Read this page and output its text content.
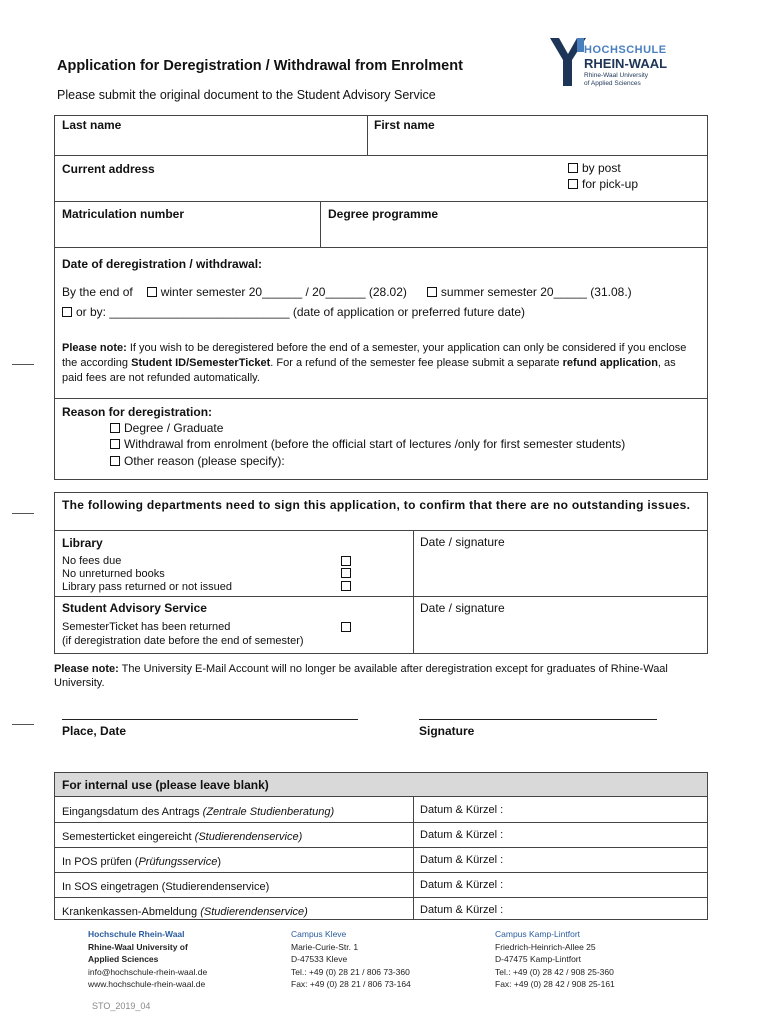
Application for Deregistration / Withdrawal from Enrolment
Please submit the original document to the Student Advisory Service
HOCHSCHULE
RHEIN-WAAL
Rhine-Waal University
of Applied Sciences
Last name	First name
Current address	by post
for pick-up
Matriculation number	Degree programme
Date of deregistration / withdrawal:
By the end of winter semester 20______ / 20______ (28.02)	summer semester 20_____ (31.08.)
or by: ___________________________ (date of application or preferred future date)
Please note: If you wish to be deregistered before the end of a semester, your application can only be considered if you enclose the according Student ID/SemesterTicket. For a refund of the semester fee please submit a separate refund application, as paid fees are not refunded automatically.
Reason for deregistration:
Degree / Graduate
Withdrawal from enrolment (before the official start of lectures /only for first semester students)
Other reason (please specify):
The following departments need to sign this application, to confirm that there are no outstanding issues.
Library
No fees due
No unreturned books
Library pass returned or not issued
Date / signature
Student Advisory Service
SemesterTicket has been returned
(if deregistration date before the end of semester)
Date / signature
Please note: The University E-Mail Account will no longer be available after deregistration except for graduates of Rhine-Waal University.
Place, Date	Signature
For internal use (please leave blank)
Eingangsdatum des Antrags (Zentrale Studienberatung)	Datum & Kürzel :
Semesterticket eingereicht (Studierendenservice)	Datum & Kürzel :
In POS prüfen (Prüfungsservice)	Datum & Kürzel :
In SOS eingetragen (Studierendenservice)	Datum & Kürzel :
Krankenkassen-Abmeldung (Studierendenservice)	Datum & Kürzel :
Hochschule Rhein-Waal
Rhine-Waal University of
Applied Sciences
info@hochschule-rhein-waal.de
www.hochschule-rhein-waal.de
Campus Kleve
Marie-Curie-Str. 1
D-47533 Kleve
Tel.: +49 (0) 28 21 / 806 73-360
Fax: +49 (0) 28 21 / 806 73-164
Campus Kamp-Lintfort
Friedrich-Heinrich-Allee 25
D-47475 Kamp-Lintfort
Tel.: +49 (0) 28 42 / 908 25-360
Fax: +49 (0) 28 42 / 908 25-161
STO_2019_04
